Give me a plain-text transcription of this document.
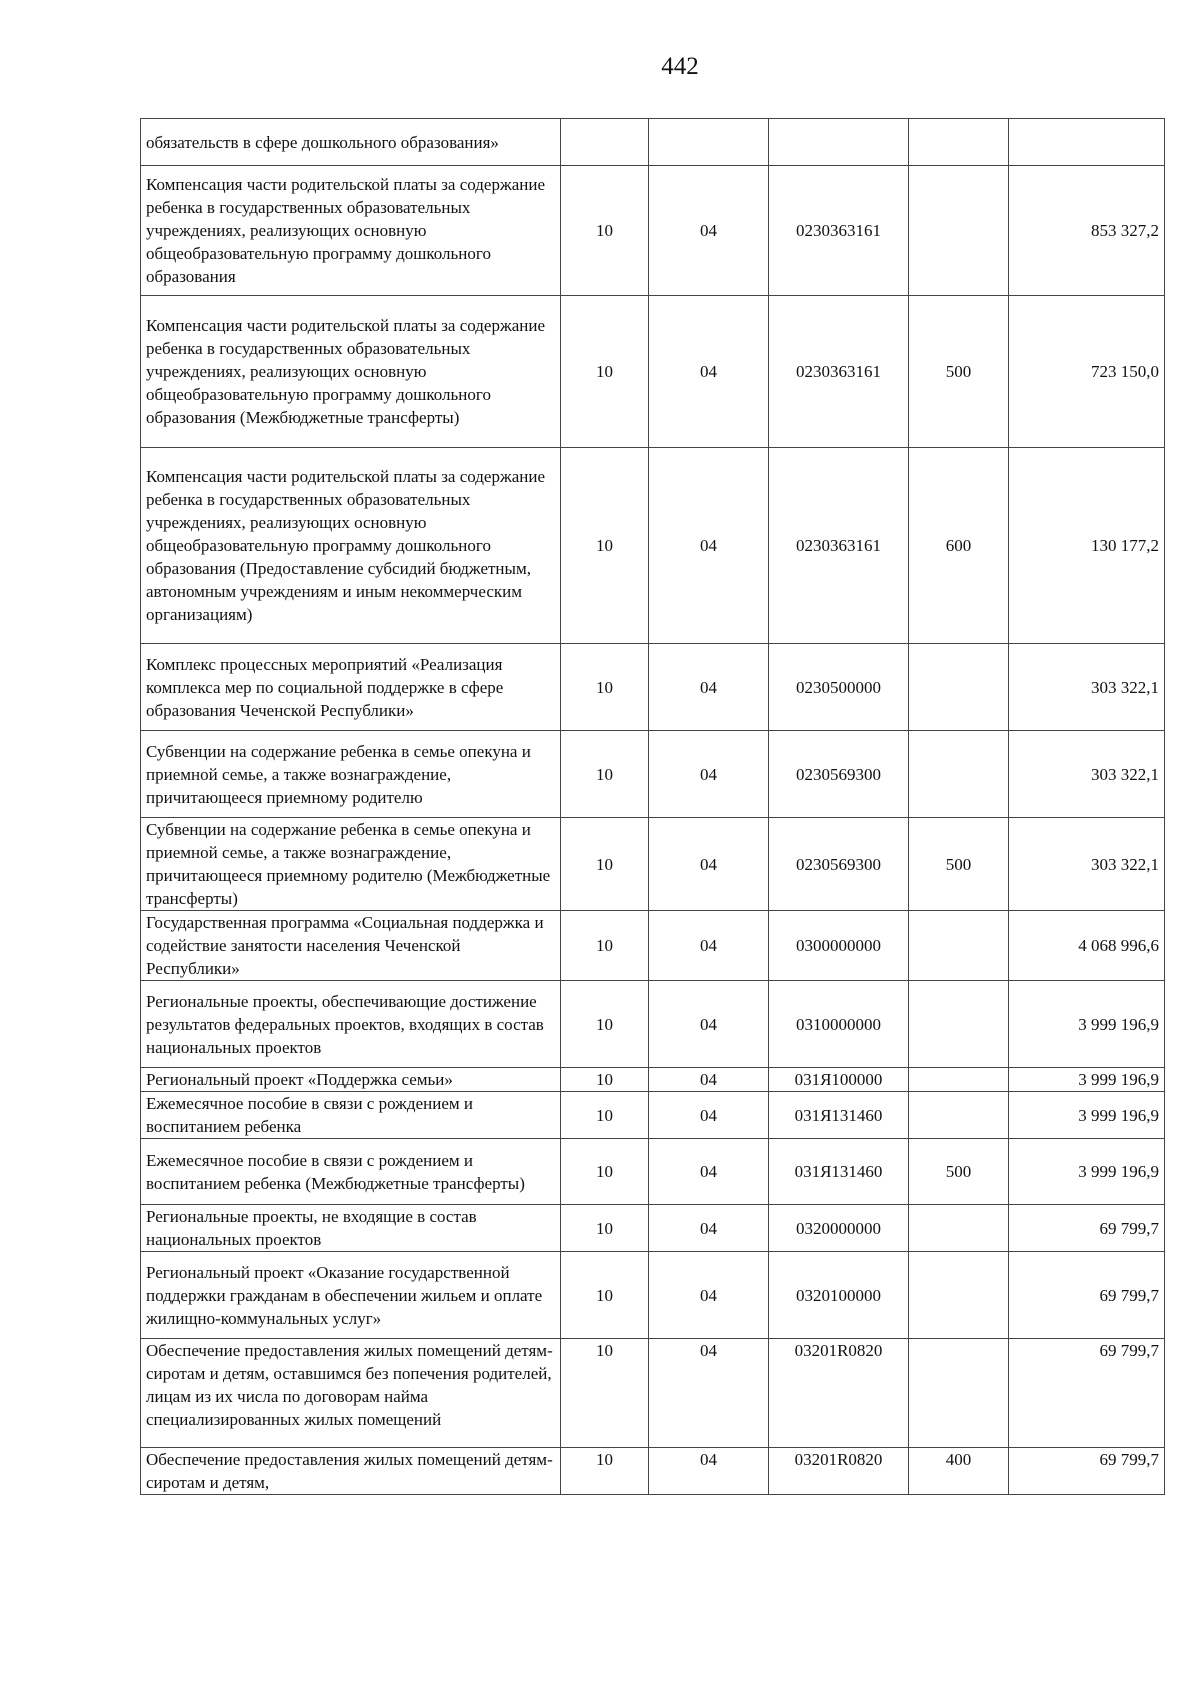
442
обязательств в сфере дошкольного образования»					
Компенсация части родительской платы за содержание ребенка в государственных образовательных учреждениях, реализующих основную общеобразовательную программу дошкольного образования	10	04	0230363161		853 327,2
Компенсация части родительской платы за содержание ребенка в государственных образовательных учреждениях, реализующих основную общеобразовательную программу дошкольного образования (Межбюджетные трансферты)	10	04	0230363161	500	723 150,0
Компенсация части родительской платы за содержание ребенка в государственных образовательных учреждениях, реализующих основную общеобразовательную программу дошкольного образования (Предоставление субсидий бюджетным, автономным учреждениям и иным некоммерческим организациям)	10	04	0230363161	600	130 177,2
Комплекс процессных мероприятий «Реализация комплекса мер по социальной поддержке в сфере образования Чеченской Республики»	10	04	0230500000		303 322,1
Субвенции на содержание ребенка в семье опекуна и приемной семье, а также вознаграждение, причитающееся приемному родителю	10	04	0230569300		303 322,1
Субвенции на содержание ребенка в семье опекуна и приемной семье, а также вознаграждение, причитающееся приемному родителю (Межбюджетные трансферты)	10	04	0230569300	500	303 322,1
Государственная программа «Социальная поддержка и содействие занятости населения Чеченской Республики»	10	04	0300000000		4 068 996,6
Региональные проекты, обеспечивающие достижение результатов федеральных проектов, входящих в состав национальных проектов	10	04	0310000000		3 999 196,9
Региональный проект «Поддержка семьи»	10	04	031Я100000		3 999 196,9
Ежемесячное пособие в связи с рождением и воспитанием ребенка	10	04	031Я131460		3 999 196,9
Ежемесячное пособие в связи с рождением и воспитанием ребенка (Межбюджетные трансферты)	10	04	031Я131460	500	3 999 196,9
Региональные проекты, не входящие в состав национальных проектов	10	04	0320000000		69 799,7
Региональный проект «Оказание государственной поддержки гражданам в обеспечении жильем и оплате жилищно-коммунальных услуг»	10	04	0320100000		69 799,7
Обеспечение предоставления жилых помещений детям-сиротам и детям, оставшимся без попечения родителей, лицам из их числа по договорам найма специализированных жилых помещений	10	04	03201R0820		69 799,7
Обеспечение предоставления жилых помещений детям-сиротам и детям,	10	04	03201R0820	400	69 799,7
